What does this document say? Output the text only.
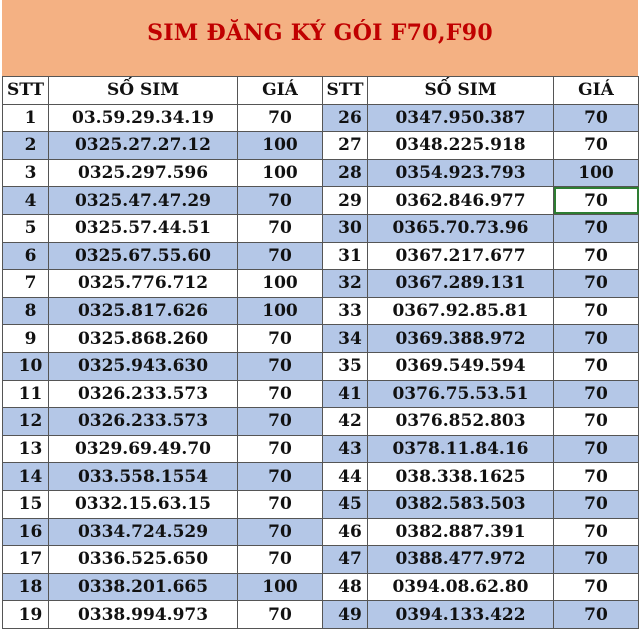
SIM ĐĂNG KÝ GÓI F70,F90
STT	SỐ SIM	GIÁ	STT	SỐ SIM	GIÁ
1	03.59.29.34.19	70	26	0347.950.387	70
2	0325.27.27.12	100	27	0348.225.918	70
3	0325.297.596	100	28	0354.923.793	100
4	0325.47.47.29	70	29	0362.846.977	70
5	0325.57.44.51	70	30	0365.70.73.96	70
6	0325.67.55.60	70	31	0367.217.677	70
7	0325.776.712	100	32	0367.289.131	70
8	0325.817.626	100	33	0367.92.85.81	70
9	0325.868.260	70	34	0369.388.972	70
10	0325.943.630	70	35	0369.549.594	70
11	0326.233.573	70	41	0376.75.53.51	70
12	0326.233.573	70	42	0376.852.803	70
13	0329.69.49.70	70	43	0378.11.84.16	70
14	033.558.1554	70	44	038.338.1625	70
15	0332.15.63.15	70	45	0382.583.503	70
16	0334.724.529	70	46	0382.887.391	70
17	0336.525.650	70	47	0388.477.972	70
18	0338.201.665	100	48	0394.08.62.80	70
19	0338.994.973	70	49	0394.133.422	70
